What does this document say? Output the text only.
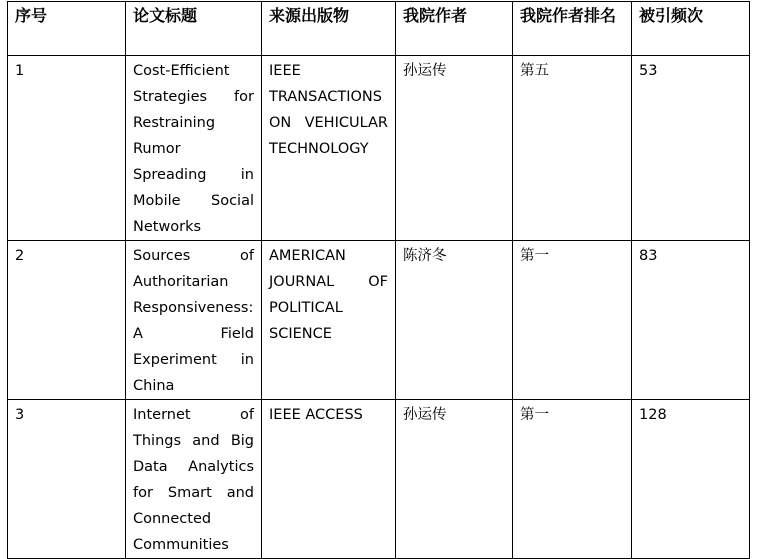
序号	论文标题	来源出版物	我院作者	我院作者排名	被引频次
1	Cost-Efficient Strategies for Restraining Rumor Spreading in Mobile Social Networks	IEEE TRANSACTIONS ON VEHICULAR TECHNOLOGY	孙运传	第五	53
2	Sources of Authoritarian Responsiveness: A Field Experiment in China	AMERICAN JOURNAL OF POLITICAL SCIENCE	陈济冬	第一	83
3	Internet of Things and Big Data Analytics for Smart and Connected Communities	IEEE ACCESS	孙运传	第一	128
